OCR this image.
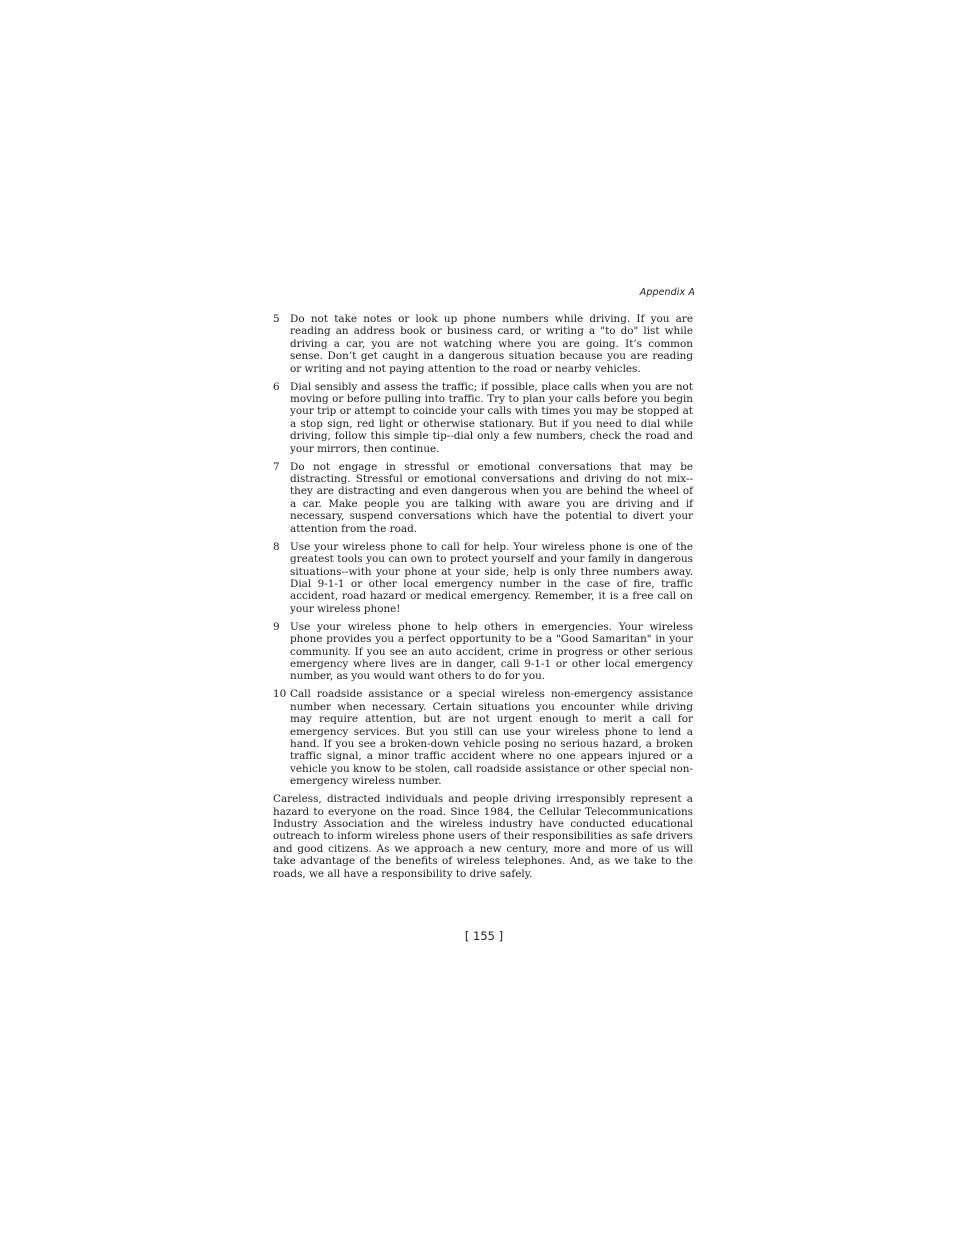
Appendix A
5 Do not take notes or look up phone numbers while driving. If you are reading an address book or business card, or writing a "to do" list while driving a car, you are not watching where you are going. It’s common sense. Don’t get caught in a dangerous situation because you are reading or writing and not paying attention to the road or nearby vehicles.
6 Dial sensibly and assess the traffic; if possible, place calls when you are not moving or before pulling into traffic. Try to plan your calls before you begin your trip or attempt to coincide your calls with times you may be stopped at a stop sign, red light or otherwise stationary. But if you need to dial while driving, follow this simple tip--dial only a few numbers, check the road and your mirrors, then continue.
7 Do not engage in stressful or emotional conversations that may be distracting. Stressful or emotional conversations and driving do not mix--they are distracting and even dangerous when you are behind the wheel of a car. Make people you are talking with aware you are driving and if necessary, suspend conversations which have the potential to divert your attention from the road.
8 Use your wireless phone to call for help. Your wireless phone is one of the greatest tools you can own to protect yourself and your family in dangerous situations--with your phone at your side, help is only three numbers away. Dial 9-1-1 or other local emergency number in the case of fire, traffic accident, road hazard or medical emergency. Remember, it is a free call on your wireless phone!
9 Use your wireless phone to help others in emergencies. Your wireless phone provides you a perfect opportunity to be a "Good Samaritan" in your community. If you see an auto accident, crime in progress or other serious emergency where lives are in danger, call 9-1-1 or other local emergency number, as you would want others to do for you.
10 Call roadside assistance or a special wireless non-emergency assistance number when necessary. Certain situations you encounter while driving may require attention, but are not urgent enough to merit a call for emergency services. But you still can use your wireless phone to lend a hand. If you see a broken-down vehicle posing no serious hazard, a broken traffic signal, a minor traffic accident where no one appears injured or a vehicle you know to be stolen, call roadside assistance or other special non-emergency wireless number.

Careless, distracted individuals and people driving irresponsibly represent a hazard to everyone on the road. Since 1984, the Cellular Telecommunications Industry Association and the wireless industry have conducted educational outreach to inform wireless phone users of their responsibilities as safe drivers and good citizens. As we approach a new century, more and more of us will take advantage of the benefits of wireless telephones. And, as we take to the roads, we all have a responsibility to drive safely.

[ 155 ]
